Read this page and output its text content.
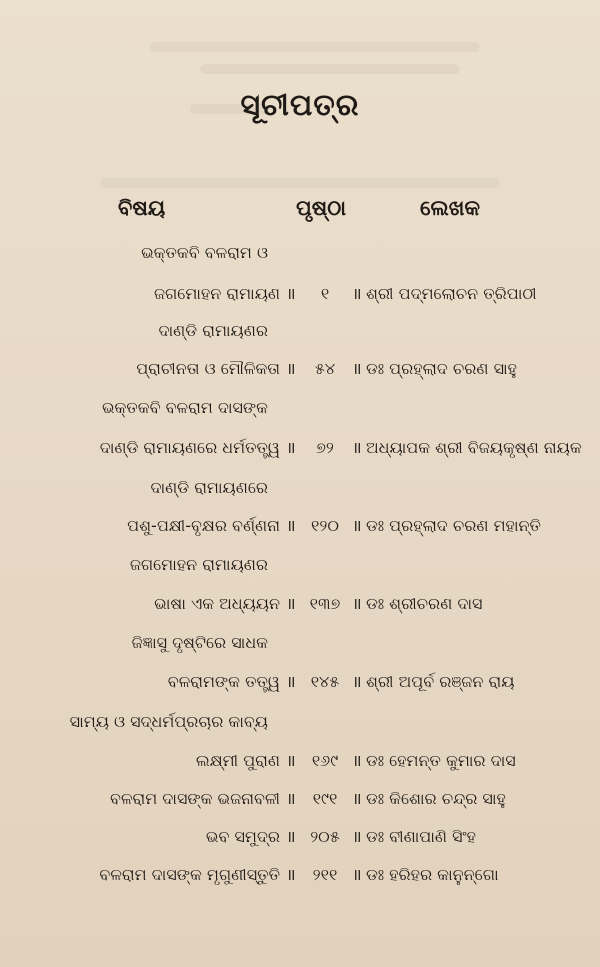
ସୂଚୀପତ୍ର
ବିଷୟ	ପୃଷ୍ଠା	ଲେଖକ
ଭକ୍ତକବି ବଳରାମ ଓ
ଜଗମୋହନ ରାମାୟଣ ॥	୧	॥ ଶ୍ରୀ ପଦ୍ମଲୋଚନ ତ୍ରିପାଠୀ
ଦାଣ୍ଡି ରାମାୟଣର
ପ୍ରାଚୀନତା ଓ ମୌଳିକତା ॥	୫୪	॥ ଡଃ ପ୍ରହ୍ଲାଦ ଚରଣ ସାହୁ
ଭକ୍ତକବି ବଳରାମ ଦାସଙ୍କ
ଦାଣ୍ଡି ରାମାୟଣରେ ଧର୍ମତତ୍ତ୍ୱ ॥	୭୨	॥ ଅଧ୍ୟାପକ ଶ୍ରୀ ବିଜୟକୃଷ୍ଣ ନାୟକ
ଦାଣ୍ଡି ରାମାୟଣରେ
ପଶୁ-ପକ୍ଷୀ-ବୃକ୍ଷର ବର୍ଣ୍ଣନା ॥ ୧୨୦ ॥ ଡଃ ପ୍ରହ୍ଲାଦ ଚରଣ ମହାନ୍ତି
ଜଗମୋହନ ରାମାୟଣର
ଭାଷା ଏକ ଅଧ୍ୟୟନ ॥ ୧୩୭ ॥ ଡଃ ଶ୍ରୀଚରଣ ଦାସ
ଜିଜ୍ଞାସୁ ଦୃଷ୍ଟିରେ ସାଧକ
ବଳରାମଙ୍କ ତତ୍ତ୍ୱ ॥ ୧୪୫ ॥ ଶ୍ରୀ ଅପୂର୍ବ ରଞ୍ଜନ ରାୟ
ସାମ୍ୟ ଓ ସଦ୍ଧର୍ମପ୍ରଚାର କାବ୍ୟ
ଲକ୍ଷ୍ମୀ ପୁରାଣ ॥	୧୬୯ ॥ ଡଃ ହେମନ୍ତ କୁମାର ଦାସ
ବଳରାମ ଦାସଙ୍କ ଭଜନାବଳୀ ॥	୧୯୧ ॥ ଡଃ କିଶୋର ଚନ୍ଦ୍ର ସାହୁ
ଭବ ସମୁଦ୍ର ॥ ୨୦୫ ॥ ଡଃ ବୀଣାପାଣି ସିଂହ
ବଳରାମ ଦାସଙ୍କ ମୃଗୁଣୀସ୍ତୁତି ॥	୨୧୧ ॥ ଡଃ ହରିହର କାନୁନ୍‌ଗୋ
